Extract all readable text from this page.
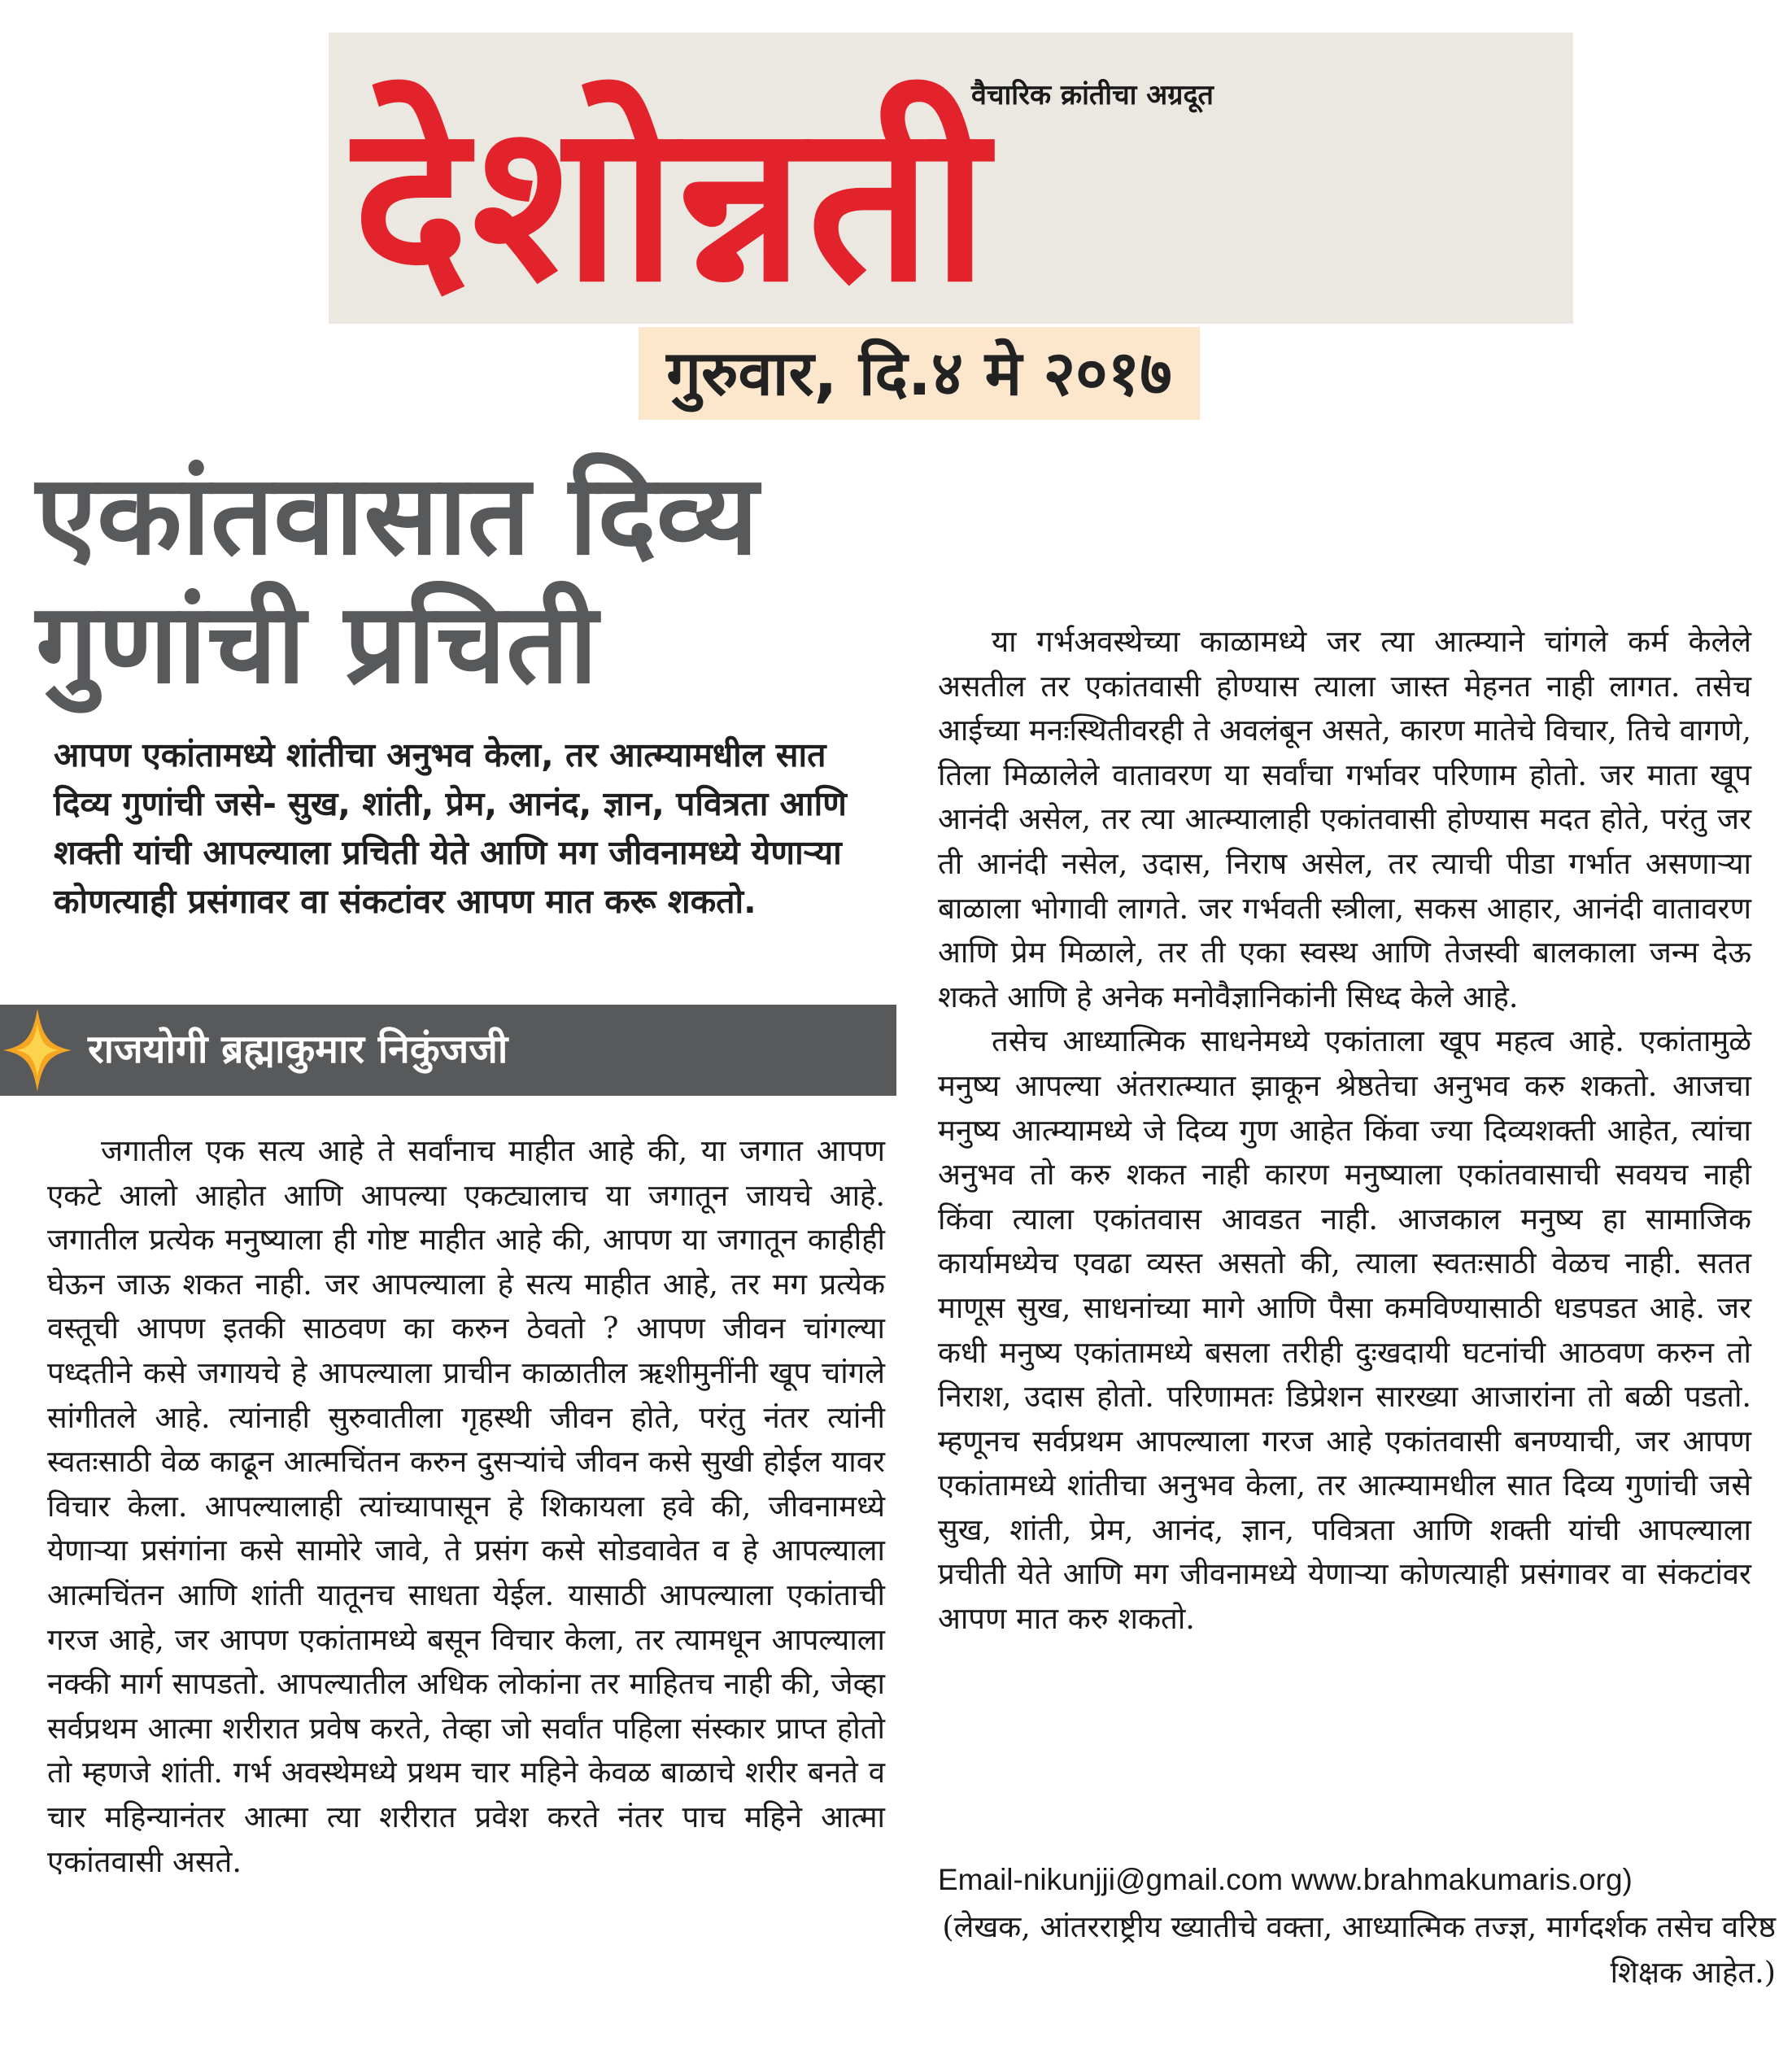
वैचारिक क्रांतीचा अग्रदूत
देशोन्नती
गुरुवार, दि.४ मे २०१७
एकांतवासात दिव्य गुणांची प्रचिती
आपण एकांतामध्ये शांतीचा अनुभव केला, तर आत्म्यामधील सात दिव्य गुणांची जसे- सुख, शांती, प्रेम, आनंद, ज्ञान, पवित्रता आणि शक्ती यांची आपल्याला प्रचिती येते आणि मग जीवनामध्ये येणाऱ्या कोणत्याही प्रसंगावर वा संकटांवर आपण मात करू शकतो.
राजयोगी ब्रह्माकुमार निकुंजजी

जगातील एक सत्य आहे ते सर्वांनाच माहीत आहे की, या जगात आपण एकटे आलो आहोत आणि आपल्या एकट्यालाच या जगातून जायचे आहे. जगातील प्रत्येक मनुष्याला ही गोष्ट माहीत आहे की, आपण या जगातून काहीही घेऊन जाऊ शकत नाही. जर आपल्याला हे सत्य माहीत आहे, तर मग प्रत्येक वस्तूची आपण इतकी साठवण का करुन ठेवतो ? आपण जीवन चांगल्या पध्दतीने कसे जगायचे हे आपल्याला प्राचीन काळातील ऋशीमुनींनी खूप चांगले सांगीतले आहे. त्यांनाही सुरुवातीला गृहस्थी जीवन होते, परंतु नंतर त्यांनी स्वतःसाठी वेळ काढून आत्मचिंतन करुन दुसऱ्यांचे जीवन कसे सुखी होईल यावर विचार केला. आपल्यालाही त्यांच्यापासून हे शिकायला हवे की, जीवनामध्ये येणाऱ्या प्रसंगांना कसे सामोरे जावे, ते प्रसंग कसे सोडवावेत व हे आपल्याला आत्मचिंतन आणि शांती यातूनच साधता येईल. यासाठी आपल्याला एकांताची गरज आहे, जर आपण एकांतामध्ये बसून विचार केला, तर त्यामधून आपल्याला नक्की मार्ग सापडतो. आपल्यातील अधिक लोकांना तर माहितच नाही की, जेव्हा सर्वप्रथम आत्मा शरीरात प्रवेष करते, तेव्हा जो सर्वांत पहिला संस्कार प्राप्त होतो तो म्हणजे शांती. गर्भ अवस्थेमध्ये प्रथम चार महिने केवळ बाळाचे शरीर बनते व चार महिन्यानंतर आत्मा त्या शरीरात प्रवेश करते नंतर पाच महिने आत्मा एकांतवासी असते.

या गर्भअवस्थेच्या काळामध्ये जर त्या आत्म्याने चांगले कर्म केलेले असतील तर एकांतवासी होण्यास त्याला जास्त मेहनत नाही लागत. तसेच आईच्या मनःस्थितीवरही ते अवलंबून असते, कारण मातेचे विचार, तिचे वागणे, तिला मिळालेले वातावरण या सर्वांचा गर्भावर परिणाम होतो. जर माता खूप आनंदी असेल, तर त्या आत्म्यालाही एकांतवासी होण्यास मदत होते, परंतु जर ती आनंदी नसेल, उदास, निराष असेल, तर त्याची पीडा गर्भात असणाऱ्या बाळाला भोगावी लागते. जर गर्भवती स्त्रीला, सकस आहार, आनंदी वातावरण आणि प्रेम मिळाले, तर ती एका स्वस्थ आणि तेजस्वी बालकाला जन्म देऊ शकते आणि हे अनेक मनोवैज्ञानिकांनी सिध्द केले आहे.

तसेच आध्यात्मिक साधनेमध्ये एकांताला खूप महत्व आहे. एकांतामुळे मनुष्य आपल्या अंतरात्म्यात झाकून श्रेष्ठतेचा अनुभव करु शकतो. आजचा मनुष्य आत्म्यामध्ये जे दिव्य गुण आहेत किंवा ज्या दिव्यशक्ती आहेत, त्यांचा अनुभव तो करु शकत नाही कारण मनुष्याला एकांतवासाची सवयच नाही किंवा त्याला एकांतवास आवडत नाही. आजकाल मनुष्य हा सामाजिक कार्यामध्येच एवढा व्यस्त असतो की, त्याला स्वतःसाठी वेळच नाही. सतत माणूस सुख, साधनांच्या मागे आणि पैसा कमविण्यासाठी धडपडत आहे. जर कधी मनुष्य एकांतामध्ये बसला तरीही दुःखदायी घटनांची आठवण करुन तो निराश, उदास होतो. परिणामतः डिप्रेशन सारख्या आजारांना तो बळी पडतो. म्हणूनच सर्वप्रथम आपल्याला गरज आहे एकांतवासी बनण्याची, जर आपण एकांतामध्ये शांतीचा अनुभव केला, तर आत्म्यामधील सात दिव्य गुणांची जसे सुख, शांती, प्रेम, आनंद, ज्ञान, पवित्रता आणि शक्ती यांची आपल्याला प्रचीती येते आणि मग जीवनामध्ये येणाऱ्या कोणत्याही प्रसंगावर वा संकटांवर आपण मात करु शकतो.

Email-nikunjji@gmail.com www.brahmakumaris.org)
(लेखक, आंतरराष्ट्रीय ख्यातीचे वक्ता, आध्यात्मिक तज्ज्ञ, मार्गदर्शक तसेच वरिष्ठ शिक्षक आहेत.)
